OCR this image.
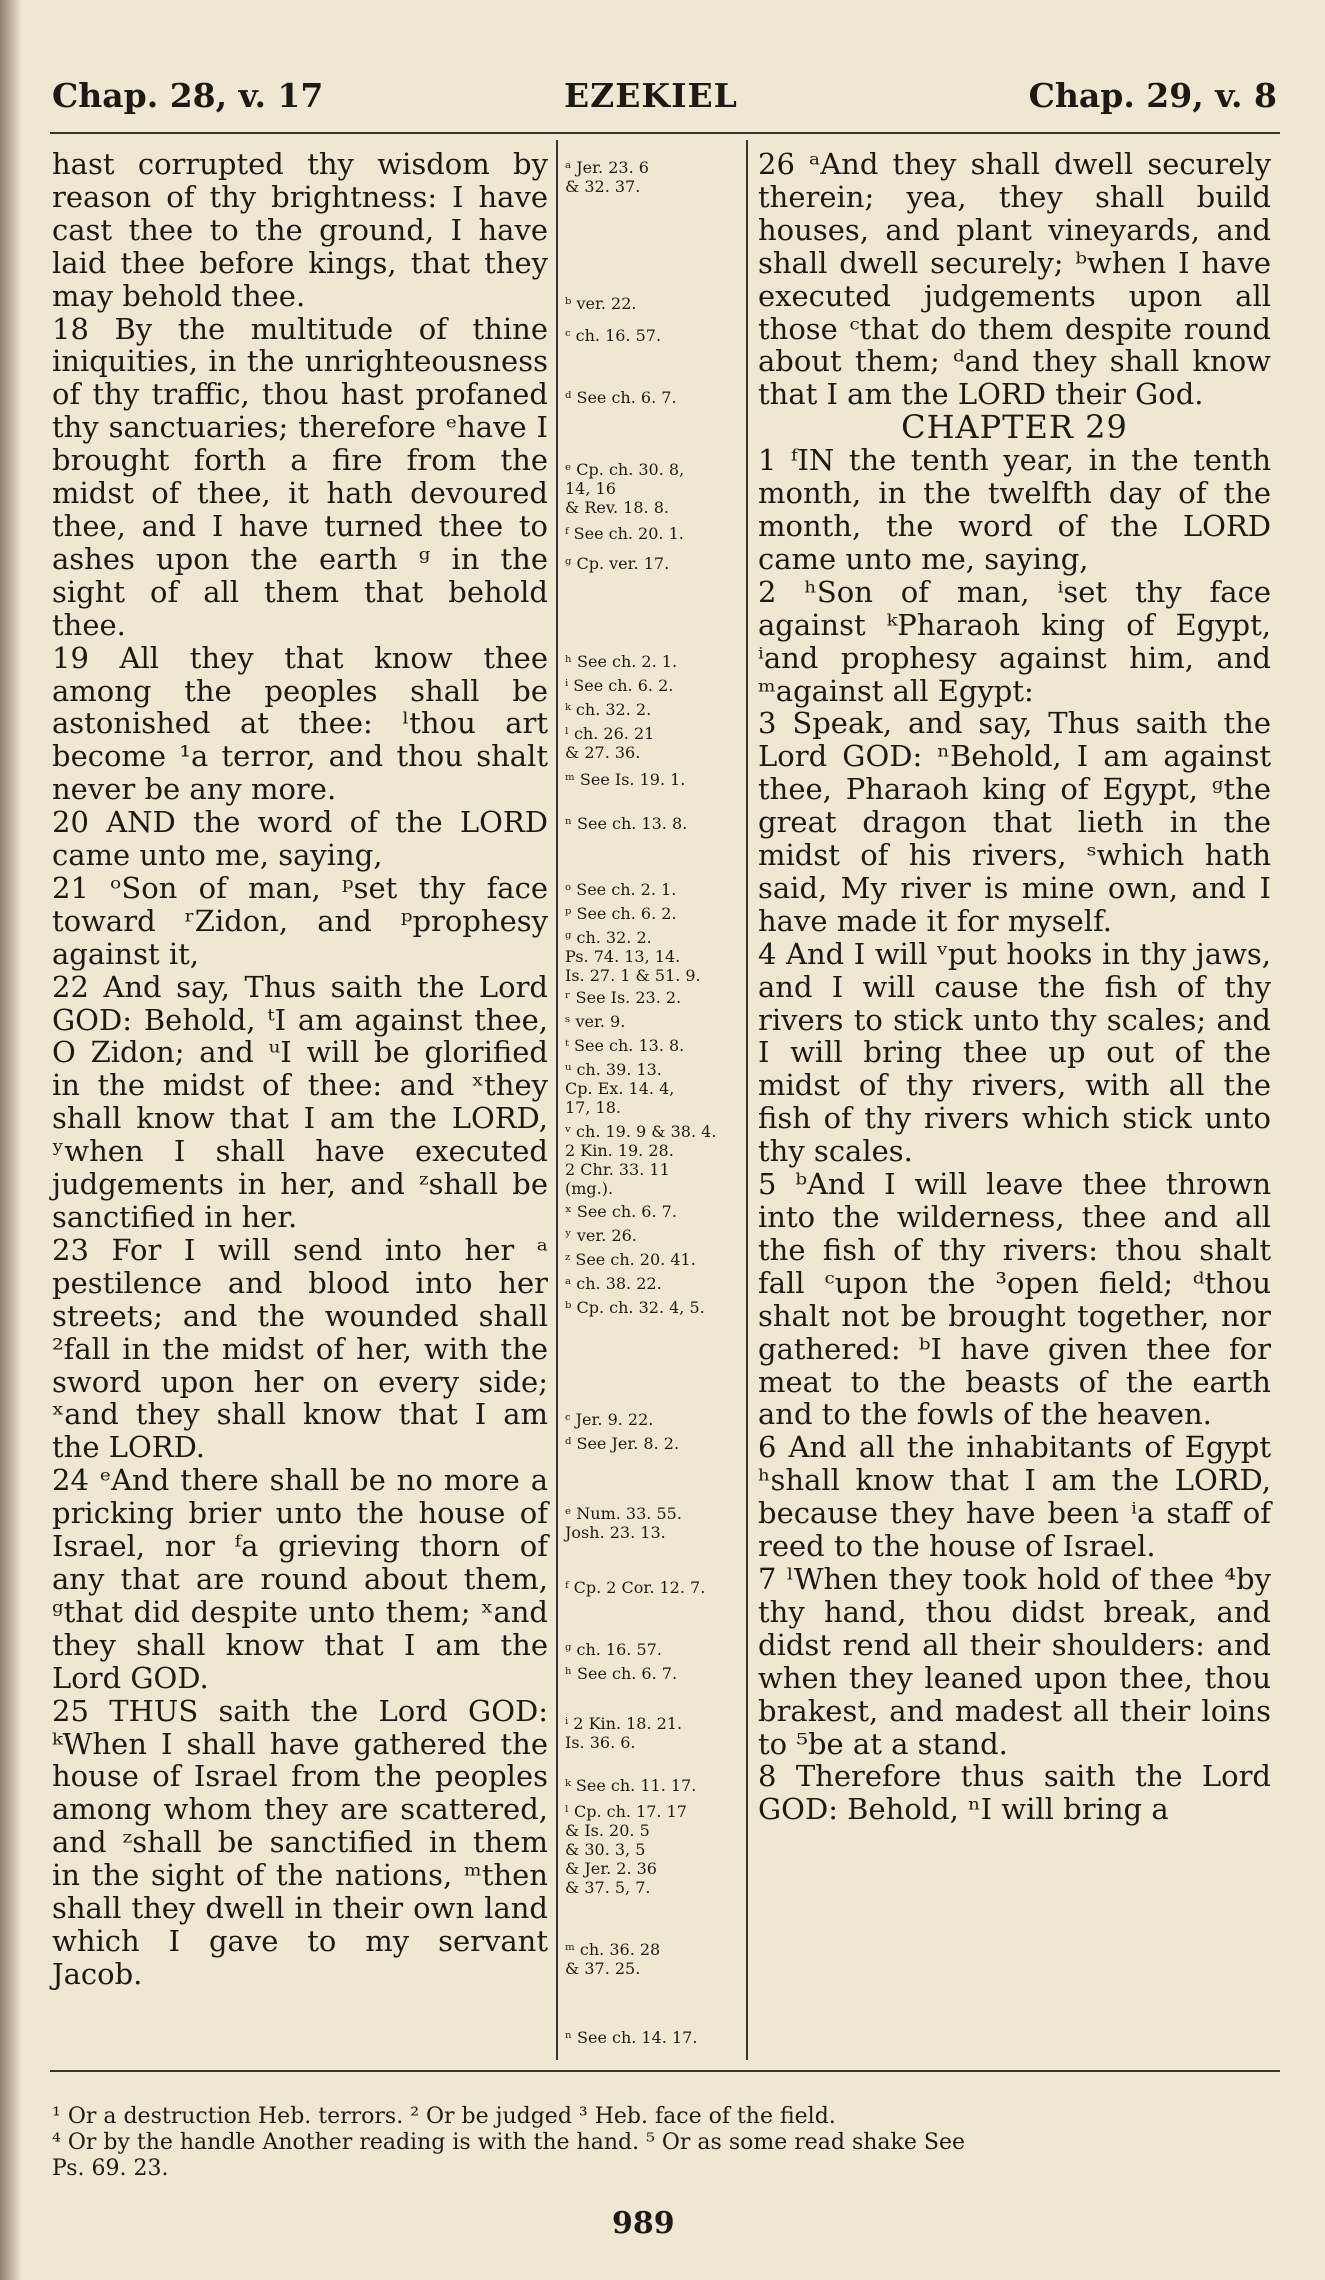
Chap. 28, v. 17	EZEKIEL	Chap. 29, v. 8

hast corrupted thy wisdom by reason of thy brightness: I have cast thee to the ground, I have laid thee before kings, that they may behold thee.

18 By the multitude of thine iniquities, in the unrighteousness of thy traffic, thou hast profaned thy sanctuaries; therefore ᵉhave I brought forth a fire from the midst of thee, it hath devoured thee, and I have turned thee to ashes upon the earth ᵍ in the sight of all them that behold thee.

19 All they that know thee among the peoples shall be astonished at thee: ˡthou art become ¹a terror, and thou shalt never be any more.

20 AND the word of the LORD came unto me, saying,

21 ᵒSon of man, ᵖset thy face toward ʳZidon, and ᵖprophesy against it,

22 And say, Thus saith the Lord GOD: Behold, ᵗI am against thee, O Zidon; and ᵘI will be glorified in the midst of thee: and ˣthey shall know that I am the LORD, ʸwhen I shall have executed judgements in her, and ᶻshall be sanctified in her.

23 For I will send into her ᵃ pestilence and blood into her streets; and the wounded shall ²fall in the midst of her, with the sword upon her on every side; ˣand they shall know that I am the LORD.

24 ᵉAnd there shall be no more a pricking brier unto the house of Israel, nor ᶠa grieving thorn of any that are round about them, ᵍthat did despite unto them; ˣand they shall know that I am the Lord GOD.

25 THUS saith the Lord GOD: ᵏWhen I shall have gathered the house of Israel from the peoples among whom they are scattered, and ᶻshall be sanctified in them in the sight of the nations, ᵐthen shall they dwell in their own land which I gave to my servant Jacob.

ᵃ Jer. 23. 6
& 32. 37.

ᵇ ver. 22.

ᶜ ch. 16. 57.

ᵈ See ch. 6. 7.

ᵉ Cp. ch. 30. 8,
14, 16
& Rev. 18. 8.

ᶠ See ch. 20. 1.

ᵍ Cp. ver. 17.

ʰ See ch. 2. 1.

ⁱ See ch. 6. 2.

ᵏ ch. 32. 2.

ˡ ch. 26. 21
& 27. 36.

ᵐ See Is. 19. 1.

ⁿ See ch. 13. 8.

ᵒ See ch. 2. 1.

ᵖ See ch. 6. 2.

ᵍ ch. 32. 2.
Ps. 74. 13, 14.
Is. 27. 1 & 51. 9.

ʳ See Is. 23. 2.

ˢ ver. 9.

ᵗ See ch. 13. 8.

ᵘ ch. 39. 13.
Cp. Ex. 14. 4,
17, 18.

ᵛ ch. 19. 9 & 38. 4.
2 Kin. 19. 28.
2 Chr. 33. 11
(mg.).

ˣ See ch. 6. 7.

ʸ ver. 26.

ᶻ See ch. 20. 41.

ᵃ ch. 38. 22.

ᵇ Cp. ch. 32. 4, 5.

ᶜ Jer. 9. 22.

ᵈ See Jer. 8. 2.

ᵉ Num. 33. 55.
Josh. 23. 13.

ᶠ Cp. 2 Cor. 12. 7.

ᵍ ch. 16. 57.

ʰ See ch. 6. 7.

ⁱ 2 Kin. 18. 21.
Is. 36. 6.

ᵏ See ch. 11. 17.

ˡ Cp. ch. 17. 17
& Is. 20. 5
& 30. 3, 5
& Jer. 2. 36
& 37. 5, 7.

ᵐ ch. 36. 28
& 37. 25.

ⁿ See ch. 14. 17.

26 ᵃAnd they shall dwell securely therein; yea, they shall build houses, and plant vineyards, and shall dwell securely; ᵇwhen I have executed judgements upon all those ᶜthat do them despite round about them; ᵈand they shall know that I am the LORD their God.

CHAPTER 29

1 ᶠIN the tenth year, in the tenth month, in the twelfth day of the month, the word of the LORD came unto me, saying,

2 ʰSon of man, ⁱset thy face against ᵏPharaoh king of Egypt, ⁱand prophesy against him, and ᵐagainst all Egypt:

3 Speak, and say, Thus saith the Lord GOD: ⁿBehold, I am against thee, Pharaoh king of Egypt, ᵍthe great dragon that lieth in the midst of his rivers, ˢwhich hath said, My river is mine own, and I have made it for myself.

4 And I will ᵛput hooks in thy jaws, and I will cause the fish of thy rivers to stick unto thy scales; and I will bring thee up out of the midst of thy rivers, with all the fish of thy rivers which stick unto thy scales.

5 ᵇAnd I will leave thee thrown into the wilderness, thee and all the fish of thy rivers: thou shalt fall ᶜupon the ³open field; ᵈthou shalt not be brought together, nor gathered: ᵇI have given thee for meat to the beasts of the earth and to the fowls of the heaven.

6 And all the inhabitants of Egypt ʰshall know that I am the LORD, because they have been ⁱa staff of reed to the house of Israel.

7 ˡWhen they took hold of thee ⁴by thy hand, thou didst break, and didst rend all their shoulders: and when they leaned upon thee, thou brakest, and madest all their loins to ⁵be at a stand.

8 Therefore thus saith the Lord GOD: Behold, ⁿI will bring a

¹ Or a destruction Heb. terrors. ² Or be judged ³ Heb. face of the field.

⁴ Or by the handle Another reading is with the hand. ⁵ Or as some read shake See

Ps. 69. 23.

989
